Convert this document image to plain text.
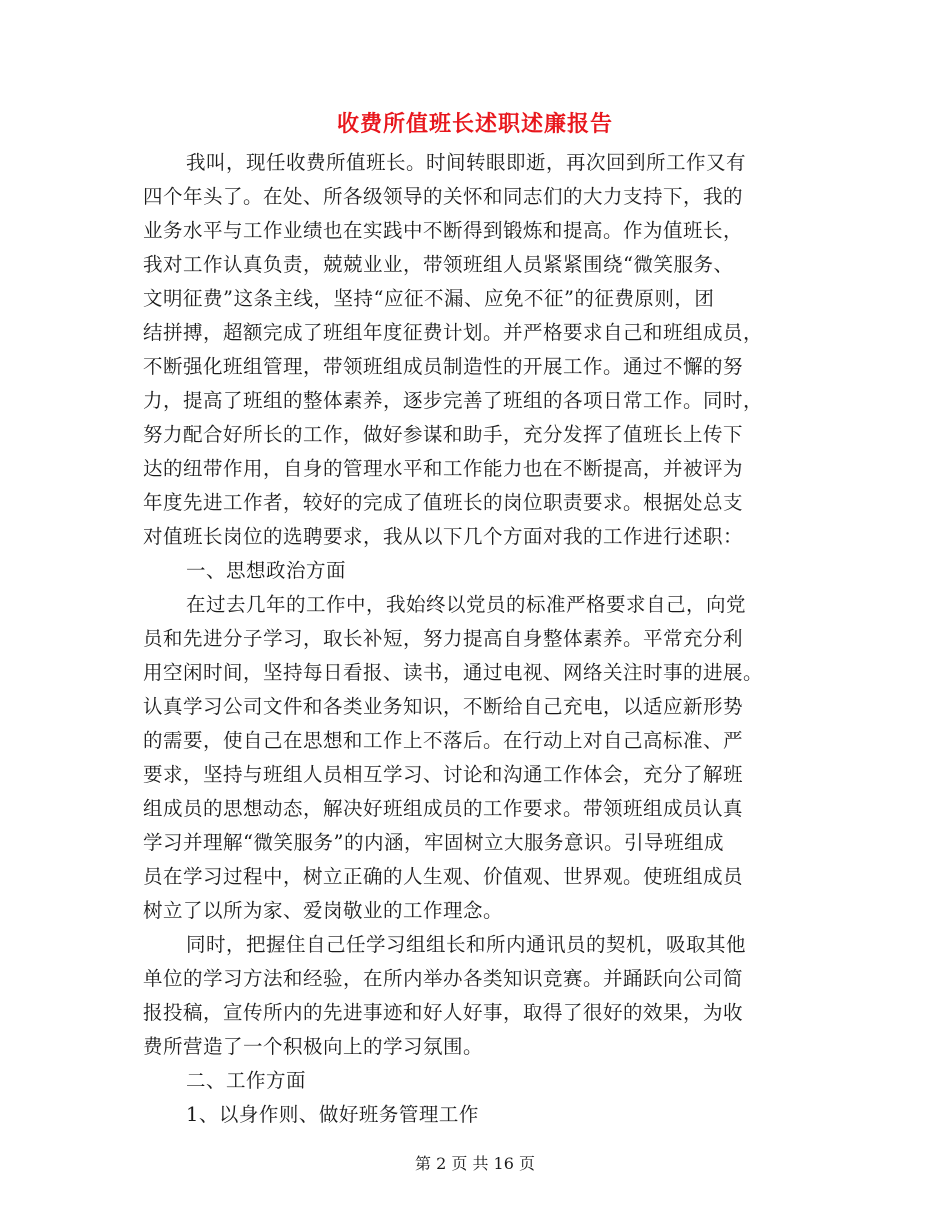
收费所值班长述职述廉报告
我叫，现任收费所值班长。时间转眼即逝，再次回到所工作又有
四个年头了。在处、所各级领导的关怀和同志们的大力支持下，我的
业务水平与工作业绩也在实践中不断得到锻炼和提高。作为值班长，
我对工作认真负责，兢兢业业，带领班组人员紧紧围绕“微笑服务、
文明征费”这条主线，坚持“应征不漏、应免不征”的征费原则，团
结拼搏，超额完成了班组年度征费计划。并严格要求自己和班组成员，
不断强化班组管理，带领班组成员制造性的开展工作。通过不懈的努
力，提高了班组的整体素养，逐步完善了班组的各项日常工作。同时，
努力配合好所长的工作，做好参谋和助手，充分发挥了值班长上传下
达的纽带作用，自身的管理水平和工作能力也在不断提高，并被评为
年度先进工作者，较好的完成了值班长的岗位职责要求。根据处总支
对值班长岗位的选聘要求，我从以下几个方面对我的工作进行述职：
一、思想政治方面
在过去几年的工作中，我始终以党员的标准严格要求自己，向党
员和先进分子学习，取长补短，努力提高自身整体素养。平常充分利
用空闲时间，坚持每日看报、读书，通过电视、网络关注时事的进展。
认真学习公司文件和各类业务知识，不断给自己充电，以适应新形势
的需要，使自己在思想和工作上不落后。在行动上对自己高标准、严
要求，坚持与班组人员相互学习、讨论和沟通工作体会，充分了解班
组成员的思想动态，解决好班组成员的工作要求。带领班组成员认真
学习并理解“微笑服务”的内涵，牢固树立大服务意识。引导班组成
员在学习过程中，树立正确的人生观、价值观、世界观。使班组成员
树立了以所为家、爱岗敬业的工作理念。
同时，把握住自己任学习组组长和所内通讯员的契机，吸取其他
单位的学习方法和经验，在所内举办各类知识竞赛。并踊跃向公司简
报投稿，宣传所内的先进事迹和好人好事，取得了很好的效果，为收
费所营造了一个积极向上的学习氛围。
二、工作方面
1、以身作则、做好班务管理工作
第 2 页 共 16 页
